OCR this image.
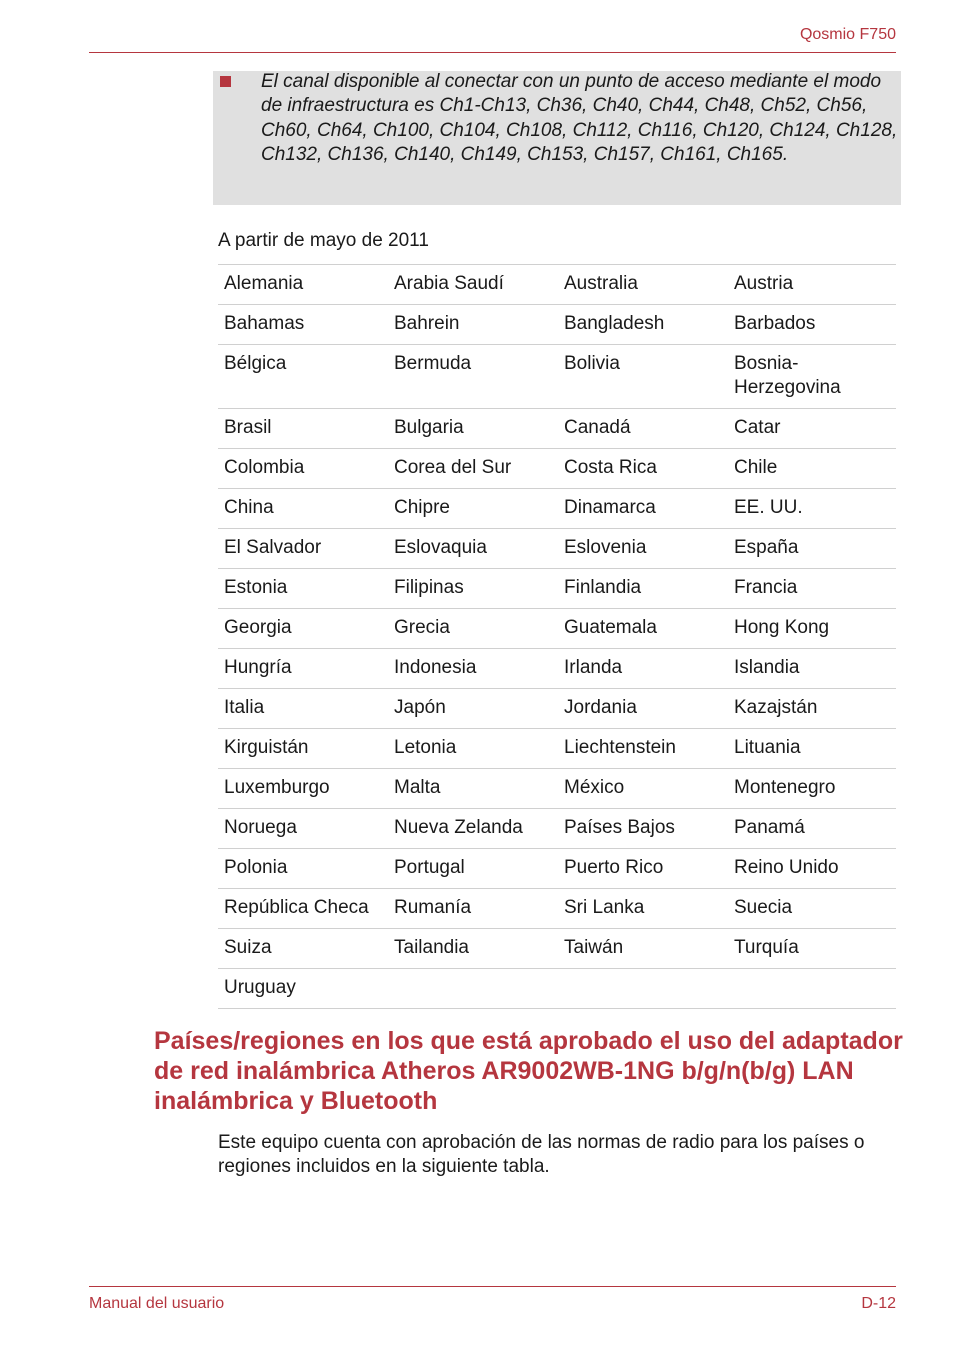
Qosmio F750
El canal disponible al conectar con un punto de acceso mediante el modo de infraestructura es Ch1-Ch13, Ch36, Ch40, Ch44, Ch48, Ch52, Ch56, Ch60, Ch64, Ch100, Ch104, Ch108, Ch112, Ch116, Ch120, Ch124, Ch128, Ch132, Ch136, Ch140, Ch149, Ch153, Ch157, Ch161, Ch165.
A partir de mayo de 2011
Alemania	Arabia Saudí	Australia	Austria
Bahamas	Bahrein	Bangladesh	Barbados
Bélgica	Bermuda	Bolivia	Bosnia-Herzegovina
Brasil	Bulgaria	Canadá	Catar
Colombia	Corea del Sur	Costa Rica	Chile
China	Chipre	Dinamarca	EE. UU.
El Salvador	Eslovaquia	Eslovenia	España
Estonia	Filipinas	Finlandia	Francia
Georgia	Grecia	Guatemala	Hong Kong
Hungría	Indonesia	Irlanda	Islandia
Italia	Japón	Jordania	Kazajstán
Kirguistán	Letonia	Liechtenstein	Lituania
Luxemburgo	Malta	México	Montenegro
Noruega	Nueva Zelanda	Países Bajos	Panamá
Polonia	Portugal	Puerto Rico	Reino Unido
República Checa	Rumanía	Sri Lanka	Suecia
Suiza	Tailandia	Taiwán	Turquía
Uruguay			
Países/regiones en los que está aprobado el uso del adaptador de red inalámbrica Atheros AR9002WB-1NG b/g/n(b/g) LAN inalámbrica y Bluetooth

Este equipo cuenta con aprobación de las normas de radio para los países o regiones incluidos en la siguiente tabla.

Manual del usuario	D-12
